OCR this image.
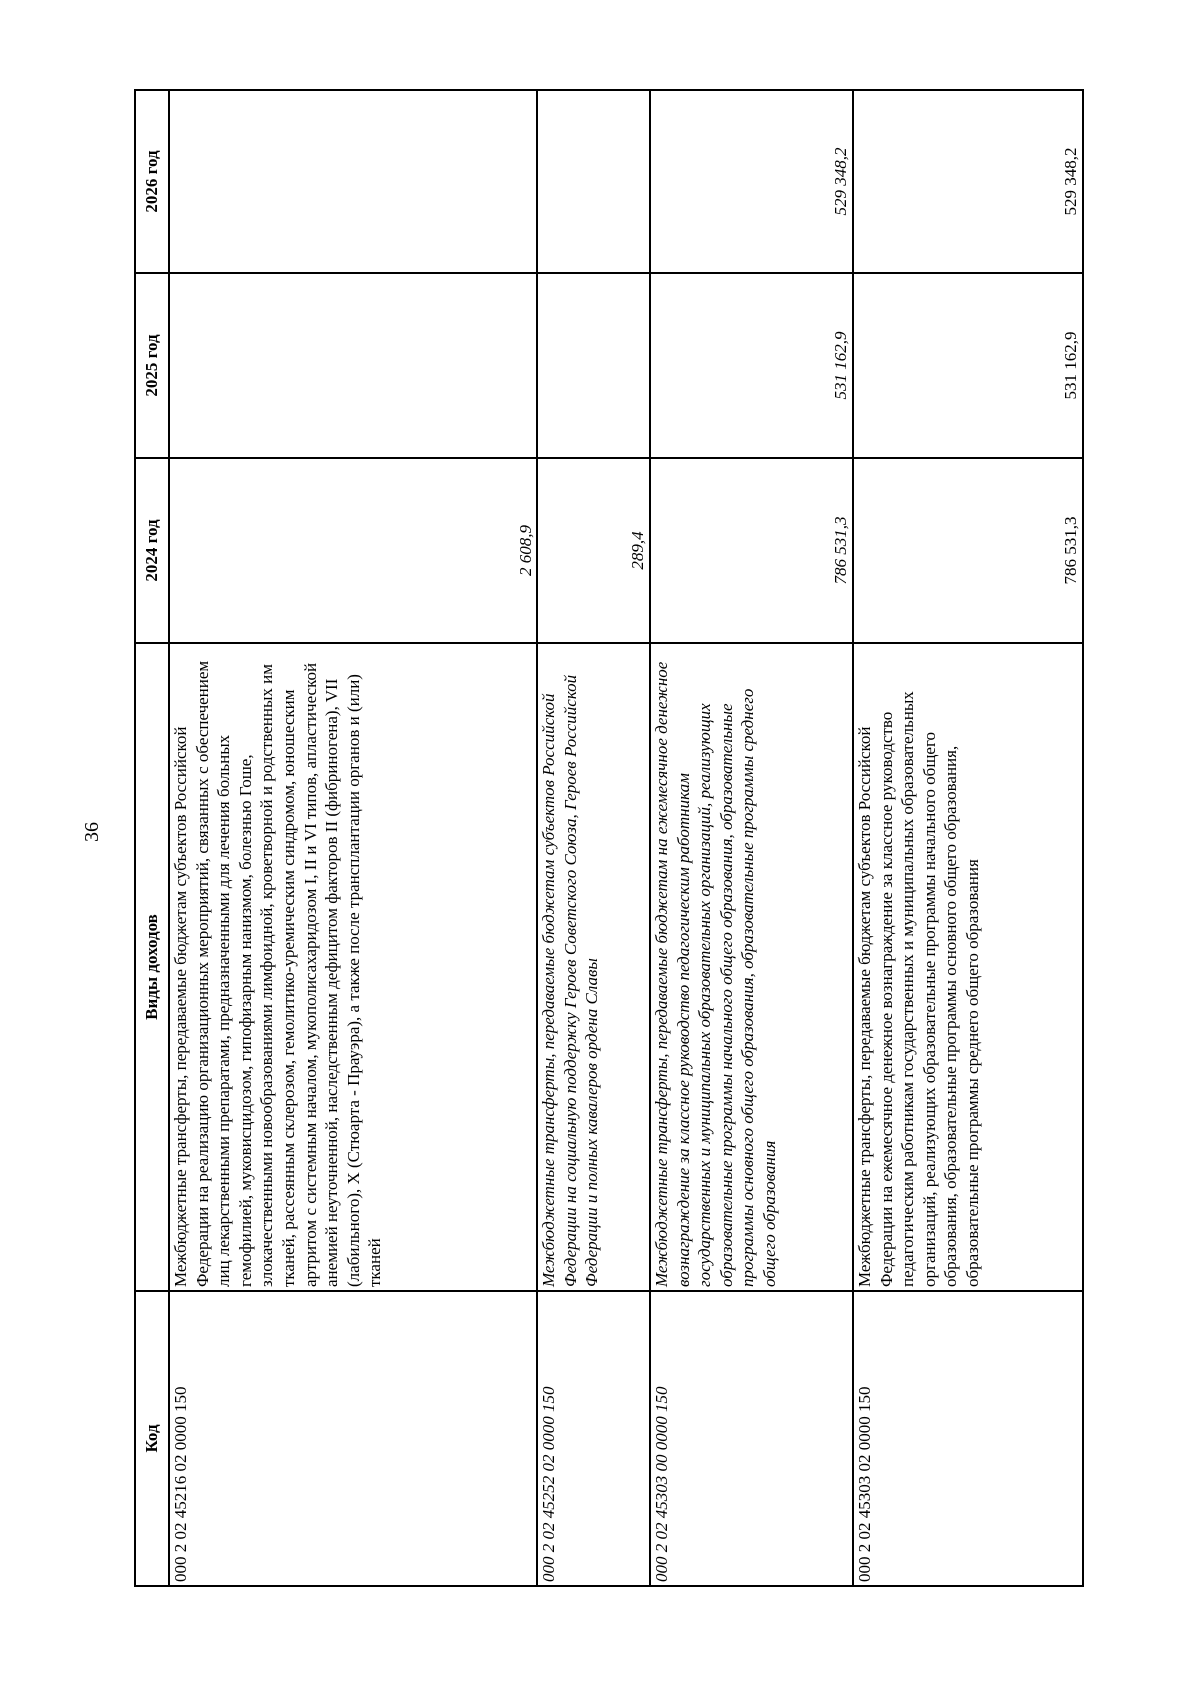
36
Код	Виды доходов	2024 год	2025 год	2026 год
000 2 02 45216 02 0000 150	Межбюджетные трансферты, передаваемые бюджетам субъектов Российской Федерации на реализацию организационных мероприятий, связанных с обеспечением лиц лекарственными препаратами, предназначенными для лечения больных гемофилией, муковисцидозом, гипофизарным нанизмом, болезнью Гоше, злокачественными новообразованиями лимфоидной, кроветворной и родственных им тканей, рассеянным склерозом, гемолитико-уремическим синдромом, юношеским артритом с системным началом, мукополисахаридозом I, II и VI типов, апластической анемией неуточненной, наследственным дефицитом факторов II (фибриногена), VII (лабильного), X (Стюарта - Прауэра), а также после трансплантации органов и (или) тканей	2 608,9		
000 2 02 45252 02 0000 150	Межбюджетные трансферты, передаваемые бюджетам субъектов Российской Федерации на социальную поддержку Героев Советского Союза, Героев Российской Федерации и полных кавалеров ордена Славы	289,4		
000 2 02 45303 00 0000 150	Межбюджетные трансферты, передаваемые бюджетам на ежемесячное денежное вознаграждение за классное руководство педагогическим работникам государственных и муниципальных образовательных организаций, реализующих образовательные программы начального общего образования, образовательные программы основного общего образования, образовательные программы среднего общего образования	786 531,3	531 162,9	529 348,2
000 2 02 45303 02 0000 150	Межбюджетные трансферты, передаваемые бюджетам субъектов Российской Федерации на ежемесячное денежное вознаграждение за классное руководство педагогическим работникам государственных и муниципальных образовательных организаций, реализующих образовательные программы начального общего образования, образовательные программы основного общего образования, образовательные программы среднего общего образования	786 531,3	531 162,9	529 348,2
